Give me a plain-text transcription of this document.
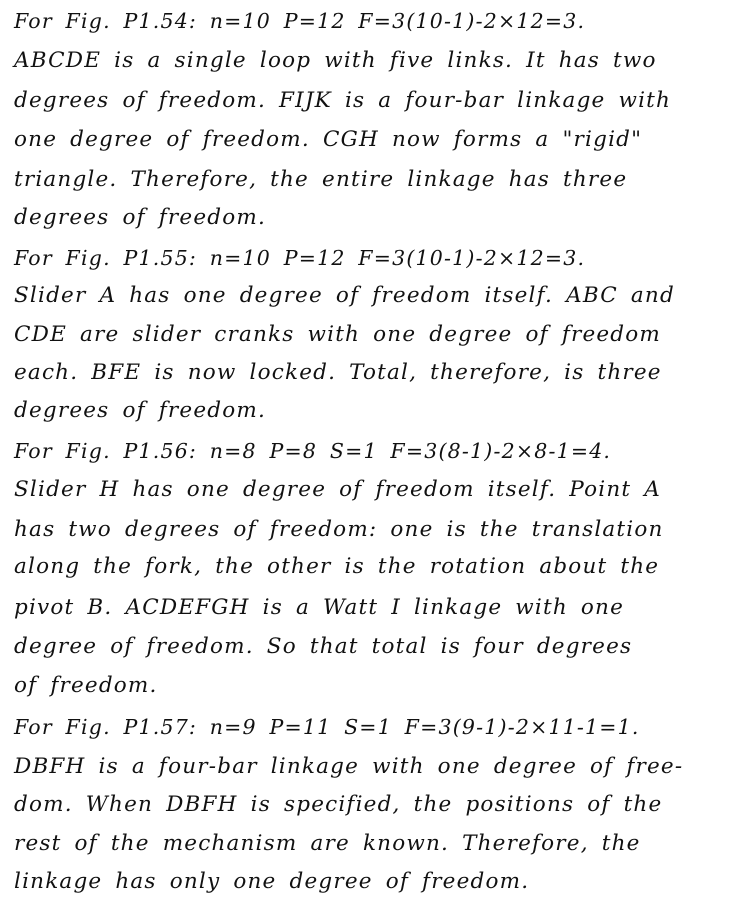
For Fig. P1.54: n=10 P=12 F=3(10-1)-2×12=3.
ABCDE is a single loop with five links. It has two
degrees of freedom. FIJK is a four-bar linkage with
one degree of freedom. CGH now forms a "rigid"
triangle. Therefore, the entire linkage has three
degrees of freedom.
For Fig. P1.55: n=10 P=12 F=3(10-1)-2×12=3.
Slider A has one degree of freedom itself. ABC and
CDE are slider cranks with one degree of freedom
each. BFE is now locked. Total, therefore, is three
degrees of freedom.
For Fig. P1.56: n=8 P=8 S=1 F=3(8-1)-2×8-1=4.
Slider H has one degree of freedom itself. Point A
has two degrees of freedom: one is the translation
along the fork, the other is the rotation about the
pivot B. ACDEFGH is a Watt I linkage with one
degree of freedom. So that total is four degrees
of freedom.
For Fig. P1.57: n=9 P=11 S=1 F=3(9-1)-2×11-1=1.
DBFH is a four-bar linkage with one degree of free-
dom. When DBFH is specified, the positions of the
rest of the mechanism are known. Therefore, the
linkage has only one degree of freedom.
